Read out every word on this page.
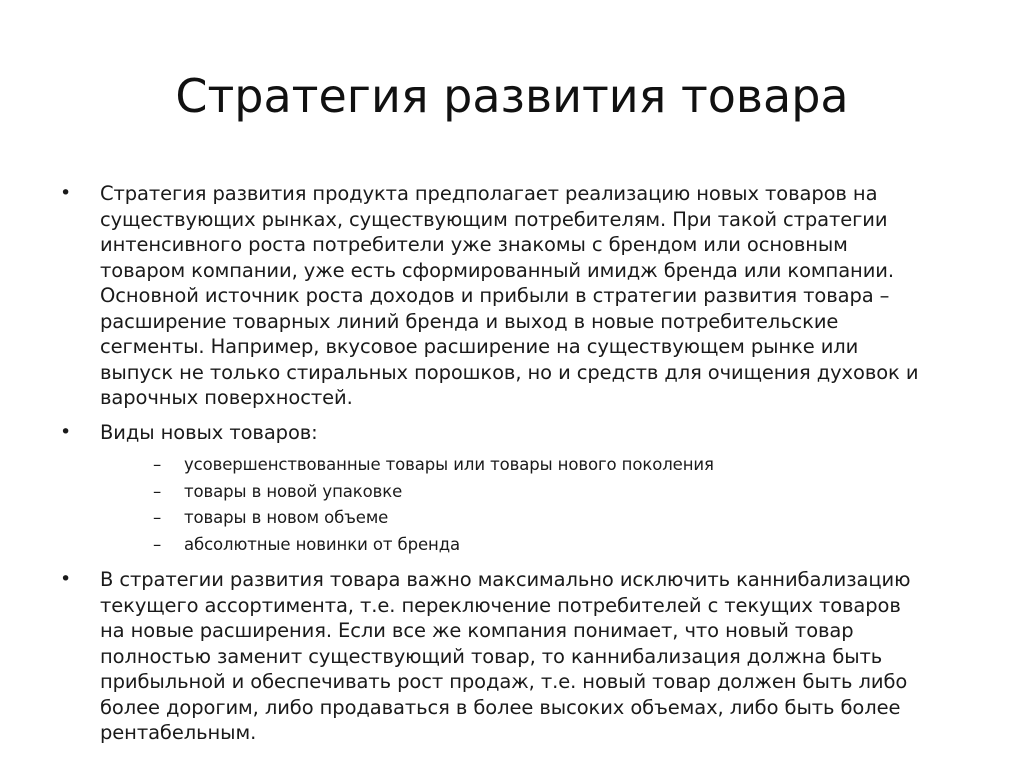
Стратегия развития товара
• Стратегия развития продукта предполагает реализацию новых товаров на
существующих рынках, существующим потребителям. При такой стратегии
интенсивного роста потребители уже знакомы с брендом или основным
товаром компании, уже есть сформированный имидж бренда или компании.
Основной источник роста доходов и прибыли в стратегии развития товара –
расширение товарных линий бренда и выход в новые потребительские
сегменты. Например, вкусовое расширение на существующем рынке или
выпуск не только стиральных порошков, но и средств для очищения духовок и
варочных поверхностей.
• Виды новых товаров:
– усовершенствованные товары или товары нового поколения
– товары в новой упаковке
– товары в новом объеме
– абсолютные новинки от бренда
• В стратегии развития товара важно максимально исключить каннибализацию
текущего ассортимента, т.е. переключение потребителей с текущих товаров
на новые расширения. Если все же компания понимает, что новый товар
полностью заменит существующий товар, то каннибализация должна быть
прибыльной и обеспечивать рост продаж, т.е. новый товар должен быть либо
более дорогим, либо продаваться в более высоких объемах, либо быть более
рентабельным.
